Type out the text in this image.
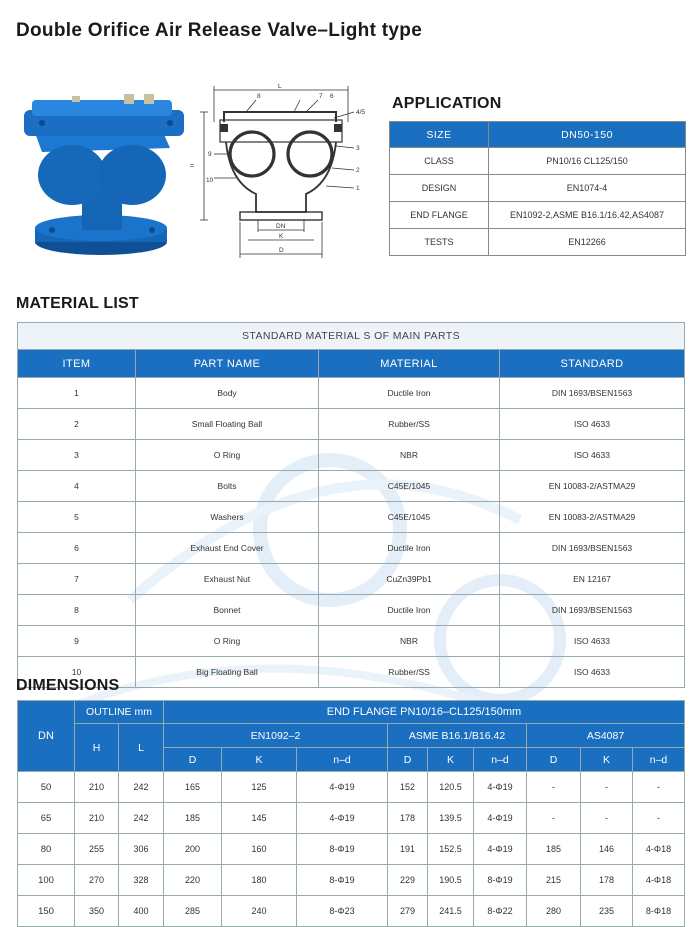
Double Orifice Air Release Valve–Light type
L
8	7 6
4/5
3
2
1
9
10
DN
K
D
=
APPLICATION
SIZE	DN50-150
CLASS	PN10/16 CL125/150
DESIGN	EN1074-4
END FLANGE	EN1092-2,ASME B16.1/16.42,AS4087
TESTS	EN12266
MATERIAL LIST
STANDARD MATERIAL S OF MAIN PARTS			
ITEM	PART NAME	MATERIAL	STANDARD
1	Body	Ductile Iron	DIN 1693/BSEN1563
2	Small Floating Ball	Rubber/SS	ISO 4633
3	O Ring	NBR	ISO 4633
4	Bolts	C45E/1045	EN 10083-2/ASTMA29
5	Washers	C45E/1045	EN 10083-2/ASTMA29
6	Exhaust End Cover	Ductile Iron	DIN 1693/BSEN1563
7	Exhaust Nut	CuZn39Pb1	EN 12167
8	Bonnet	Ductile Iron	DIN 1693/BSEN1563
9	O Ring	NBR	ISO 4633
10	Big Floating Ball	Rubber/SS	ISO 4633
DIMENSIONS
DN	OUTLINE mm		END FLANGE PN10/16–CL125/150mm								
	H	L	EN1092–2			ASME B16.1/B16.42			AS4087		
			D	K	n–d	D	K	n–d	D	K	n–d
50	210	242	165	125	4-Φ19	152	120.5	4-Φ19	-	-	-
65	210	242	185	145	4-Φ19	178	139.5	4-Φ19	-	-	-
80	255	306	200	160	8-Φ19	191	152.5	4-Φ19	185	146	4-Φ18
100	270	328	220	180	8-Φ19	229	190.5	8-Φ19	215	178	4-Φ18
150	350	400	285	240	8-Φ23	279	241.5	8-Φ22	280	235	8-Φ18
